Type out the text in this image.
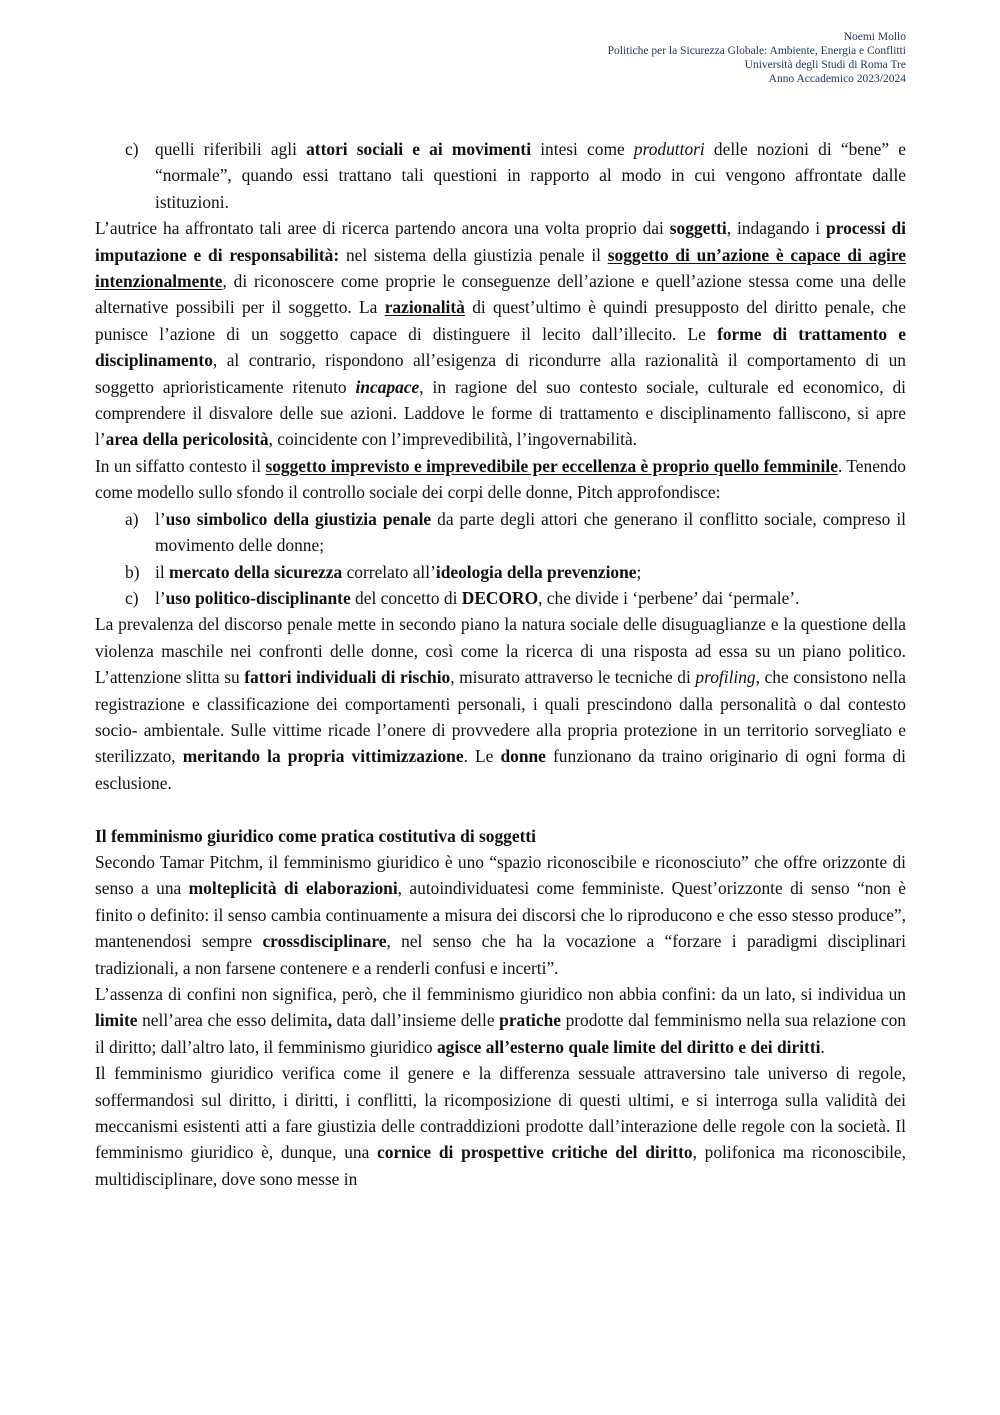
Noemi Mollo
Politiche per la Sicurezza Globale: Ambiente, Energia e Conflitti
Università degli Studi di Roma Tre
Anno Accademico 2023/2024
c) quelli riferibili agli attori sociali e ai movimenti intesi come produttori delle nozioni di “bene” e “normale”, quando essi trattano tali questioni in rapporto al modo in cui vengono affrontate dalle istituzioni.

L’autrice ha affrontato tali aree di ricerca partendo ancora una volta proprio dai soggetti, indagando i processi di imputazione e di responsabilità: nel sistema della giustizia penale il soggetto di un’azione è capace di agire intenzionalmente, di riconoscere come proprie le conseguenze dell’azione e quell’azione stessa come una delle alternative possibili per il soggetto. La razionalità di quest’ultimo è quindi presupposto del diritto penale, che punisce l’azione di un soggetto capace di distinguere il lecito dall’illecito. Le forme di trattamento e disciplinamento, al contrario, rispondono all’esigenza di ricondurre alla razionalità il comportamento di un soggetto aprioristicamente ritenuto incapace, in ragione del suo contesto sociale, culturale ed economico, di comprendere il disvalore delle sue azioni. Laddove le forme di trattamento e disciplinamento falliscono, si apre l’area della pericolosità, coincidente con l’imprevedibilità, l’ingovernabilità.

In un siffatto contesto il soggetto imprevisto e imprevedibile per eccellenza è proprio quello femminile. Tenendo come modello sullo sfondo il controllo sociale dei corpi delle donne, Pitch approfondisce:

a) l’uso simbolico della giustizia penale da parte degli attori che generano il conflitto sociale, compreso il movimento delle donne;
b) il mercato della sicurezza correlato all’ideologia della prevenzione;
c) l’uso politico-disciplinante del concetto di DECORO, che divide i ‘perbene’ dai ‘permale’.

La prevalenza del discorso penale mette in secondo piano la natura sociale delle disuguaglianze e la questione della violenza maschile nei confronti delle donne, così come la ricerca di una risposta ad essa su un piano politico. L’attenzione slitta su fattori individuali di rischio, misurato attraverso le tecniche di profiling, che consistono nella registrazione e classificazione dei comportamenti personali, i quali prescindono dalla personalità o dal contesto socio- ambientale. Sulle vittime ricade l’onere di provvedere alla propria protezione in un territorio sorvegliato e sterilizzato, meritando la propria vittimizzazione. Le donne funzionano da traino originario di ogni forma di esclusione.

Il femminismo giuridico come pratica costitutiva di soggetti

Secondo Tamar Pitchm, il femminismo giuridico è uno “spazio riconoscibile e riconosciuto” che offre orizzonte di senso a una molteplicità di elaborazioni, autoindividuatesi come femministe. Quest’orizzonte di senso “non è finito o definito: il senso cambia continuamente a misura dei discorsi che lo riproducono e che esso stesso produce”, mantenendosi sempre crossdisciplinare, nel senso che ha la vocazione a “forzare i paradigmi disciplinari tradizionali, a non farsene contenere e a renderli confusi e incerti”.

L’assenza di confini non significa, però, che il femminismo giuridico non abbia confini: da un lato, si individua un limite nell’area che esso delimita, data dall’insieme delle pratiche prodotte dal femminismo nella sua relazione con il diritto; dall’altro lato, il femminismo giuridico agisce all’esterno quale limite del diritto e dei diritti.

Il femminismo giuridico verifica come il genere e la differenza sessuale attraversino tale universo di regole, soffermandosi sul diritto, i diritti, i conflitti, la ricomposizione di questi ultimi, e si interroga sulla validità dei meccanismi esistenti atti a fare giustizia delle contraddizioni prodotte dall’interazione delle regole con la società. Il femminismo giuridico è, dunque, una cornice di prospettive critiche del diritto, polifonica ma riconoscibile, multidisciplinare, dove sono messe in
